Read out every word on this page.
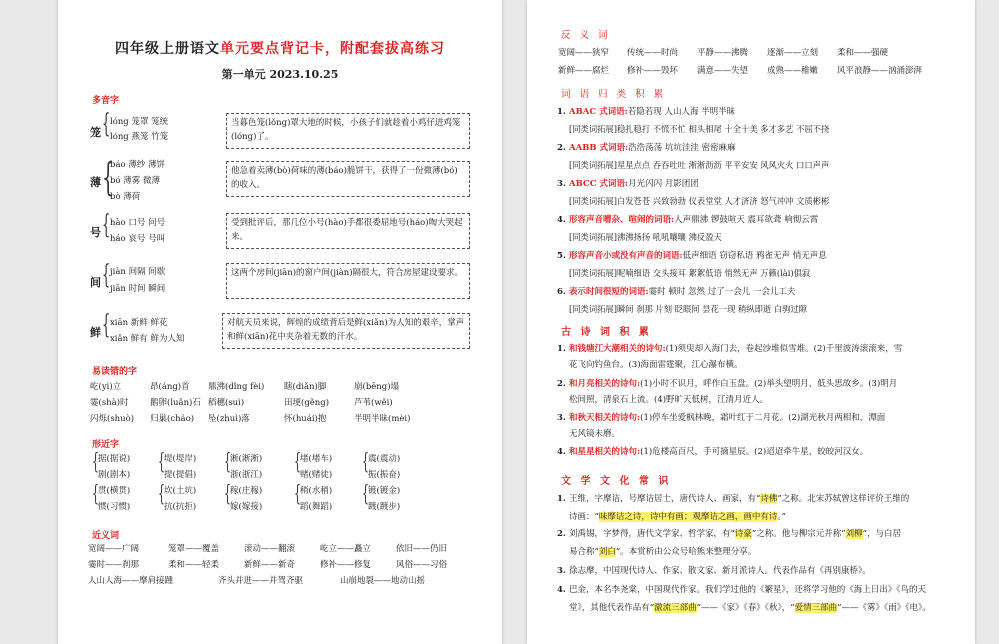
四年级上册语文单元要点背记卡，附配套拔高练习
第一单元 2023.10.25
多音字
笼 { lóng 笼罩 笼统
lóng 燕笼 竹笼
当暮色笼(lǒng)罩大地的时候，小孩子们就趁着小鸡仔进鸡笼(lóng)了。
薄 {
báo 薄纱 薄饼
bó 薄雾 微薄
bò 薄荷
他急着卖薄(bò)荷味的薄(báo)脆饼干，获得了一份微薄(bó)的收入。
号 { hào 口号 问号
háo 哀号 号叫
受到批评后，那几位小号(hào)手都很委屈地号(háo)啕大哭起来。
间 { jiàn 间隔 间歇
jiān 时间 瞬间
这两个房间(jiān)的窗户间(jiàn)隔很大，符合房屋建设要求。
鲜 { xiān 新鲜 鲜花
xiǎn 鲜有 鲜为人知
对航天员来说，辉煌的成绩背后是鲜(xiǎn)为人知的艰辛，掌声和鲜(xiān)花中夹杂着无数的汗水。
易读错的字
形近字
近义词
屹(yì)立	昂(áng)首 鼎沸(dǐng fèi) 瞎(diǎn)脚	崩(bēng)塌
霎(shà)时	鹅卵(luǎn)石 稻穗(suì)	田埂(gěng)	芦苇(wěi)
闪烁(shuò) 归巢(cháo) 坠(zhuì)落	怀(huái)抱	半明半昧(mèi)
据(据说)	堤(堤岸)	淅(淅淅)	堵(堵车)	震(震动)
剧(剧本)	提(提倡)	浙(浙江)	赌(赌徒)	振(振奋)
贯(横贯)	坎(土坑)	稼(庄稼)	稍(水稍)	镀(镀金)
惯(习惯)	抗(抗拒)	嫁(嫁接)	蹈(舞蹈)	踱(踱步)
{	{	{	{	{
{	{	{	{	{
宽阔——广阔	笼罩——覆盖	滚动——翻滚	屹立——矗立	依旧——仍旧
霎时——刹那	柔和——轻柔	新鲜——新奇	修补——修复	风俗——习俗
人山人海——摩肩接踵	齐头并进——并驾齐驱	山崩地裂——地动山摇
反 义 词
词 语 归 类 积 累
古 诗 词 积 累
文 学 文 化 常 识
宽阔——狭窄 传统——时尚 平静——沸腾 逐渐——立刻 柔和——强硬
新鲜——腐烂 修补——毁坏 满意——失望 成熟——稚嫩 风平浪静——汹涌澎湃
1. ABAC 式词语:若隐若现 人山人海 半明半昧
[同类词拓展]稳扎稳打 不慌不忙 相头相尾 十全十美 多才多艺 不屈不挠
2. AABB 式词语:浩浩荡荡 坑坑洼洼 密密麻麻
[同类词拓展]星星点点 吞吞吐吐 淅淅沥沥 平平安安 风风火火 口口声声
3. ABCC 式词语:月光闪闪 月影团团
[同类词拓展]白发苍苍 兴致勃勃 仪表堂堂 人才济济 怒气冲冲 文质彬彬
4. 形容声音嘈杂、喧闹的词语:人声鼎沸 锣鼓喧天 震耳欲聋 响彻云霄
[同类词拓展]沸沸扬扬 吼吼嚷嚷 沸反盈天
5. 形容声音小或没有声音的词语:低声细语 窃窃私语 鸦雀无声 悄无声息
[同类词拓展]呢喃细语 交头接耳 絮絮低语 悄然无声 万籁(lài)俱寂
6. 表示时间很短的词语:霎时 顿时 忽然 过了一会儿 一会儿工夫
[同类词拓展]瞬间 刹那 片刻 眨眼间 昙花一现 稍纵即逝 白驹过隙
1. 和钱塘江大潮相关的诗句:(1)须臾却入海门去，卷起沙堆似雪堆。(2)千里波涛滚滚来，雪
花飞向钓鱼台。(3)海面雷霆聚，江心瀑布横。
2. 和月亮相关的诗句:(1)小时不识月，呼作白玉盘。(2)举头望明月，低头思故乡。(3)明月
松间照，清泉石上流。(4)野旷天低树，江清月近人。
3. 和秋天相关的诗句:(1)停车坐爱枫林晚，霜叶红于二月花。(2)湖光秋月两相和，潭面
无风镜未磨。
4. 和星星相关的诗句:(1)危楼高百尺，手可摘星辰。(2)迢迢牵牛星，皎皎河汉女。
1. 王维，字摩诘，号摩诘居士，唐代诗人、画家，有“诗佛”之称。北宋苏轼曾这样评价王维的
诗画：“味摩诘之诗，诗中有画；观摩诘之画，画中有诗。”
2. 刘禹锡，字梦得，唐代文学家、哲学家，有“诗豪”之称。他与柳宗元并称“刘柳”，与白居
易合称“刘白”。本赏析由公众号哈熊来整理分享。
3. 徐志摩，中国现代诗人、作家、散文家、新月派诗人。代表作品有《再别康桥》。
4. 巴金，本名李尧棠，中国现代作家。我们学过他的《繁星》，还将学习他的《海上日出》《鸟的天
堂》，其他代表作品有“激流三部曲”——《家》《春》《秋》，“爱情三部曲”——《雾》《雨》《电》。
